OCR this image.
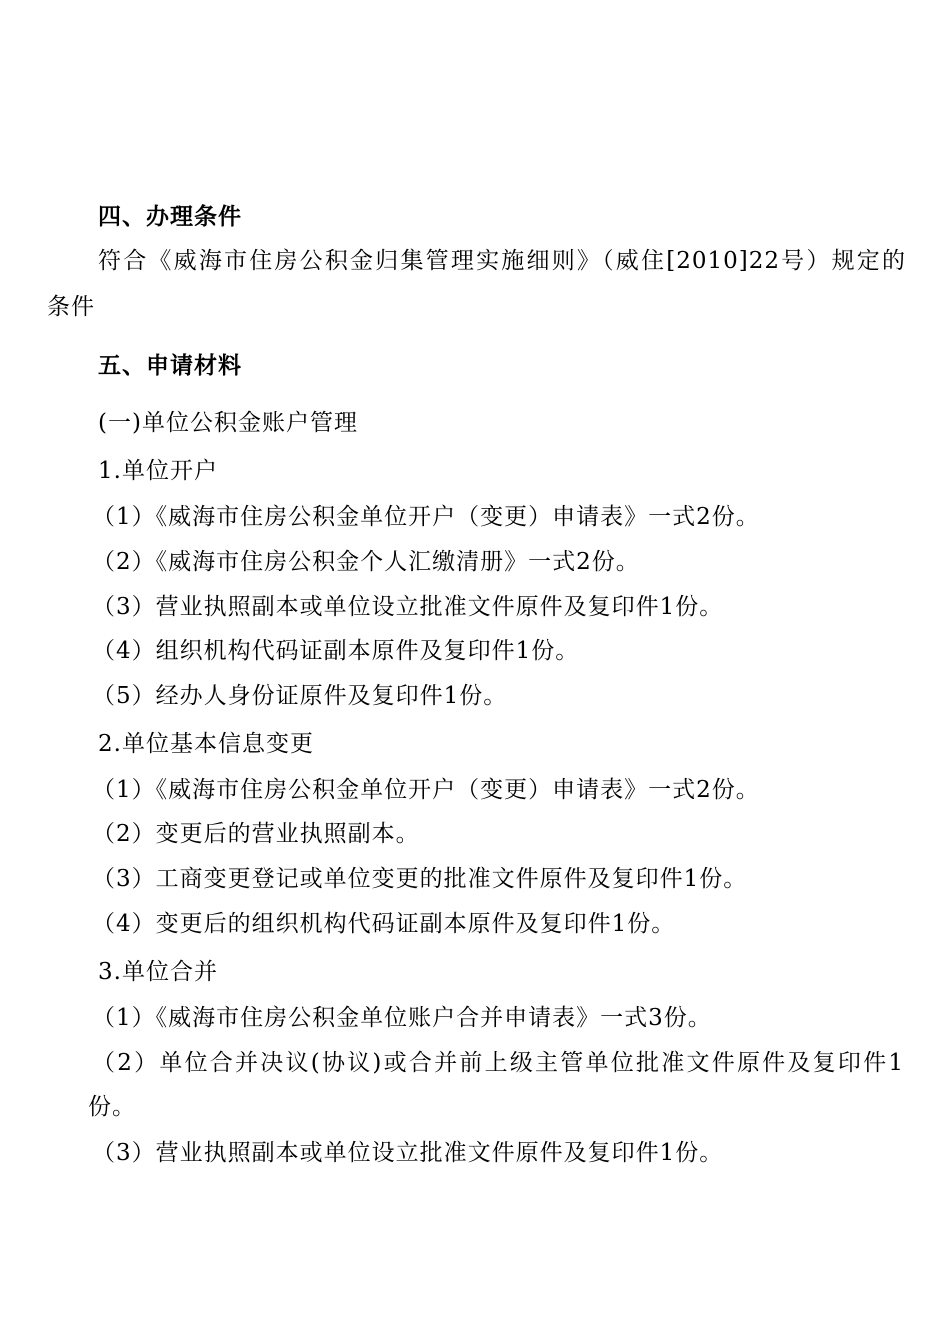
四、办理条件
符合《威海市住房公积金归集管理实施细则》（威住[2010]22号）规定的
条件
五、申请材料
(一)单位公积金账户管理
1.单位开户
（1）《威海市住房公积金单位开户（变更）申请表》一式2份。
（2）《威海市住房公积金个人汇缴清册》一式2份。
（3）营业执照副本或单位设立批准文件原件及复印件1份。
（4）组织机构代码证副本原件及复印件1份。
（5）经办人身份证原件及复印件1份。
2.单位基本信息变更
（1）《威海市住房公积金单位开户（变更）申请表》一式2份。
（2）变更后的营业执照副本。
（3）工商变更登记或单位变更的批准文件原件及复印件1份。
（4）变更后的组织机构代码证副本原件及复印件1份。
3.单位合并
（1）《威海市住房公积金单位账户合并申请表》一式3份。
（2）单位合并决议(协议)或合并前上级主管单位批准文件原件及复印件1
份。
（3）营业执照副本或单位设立批准文件原件及复印件1份。
